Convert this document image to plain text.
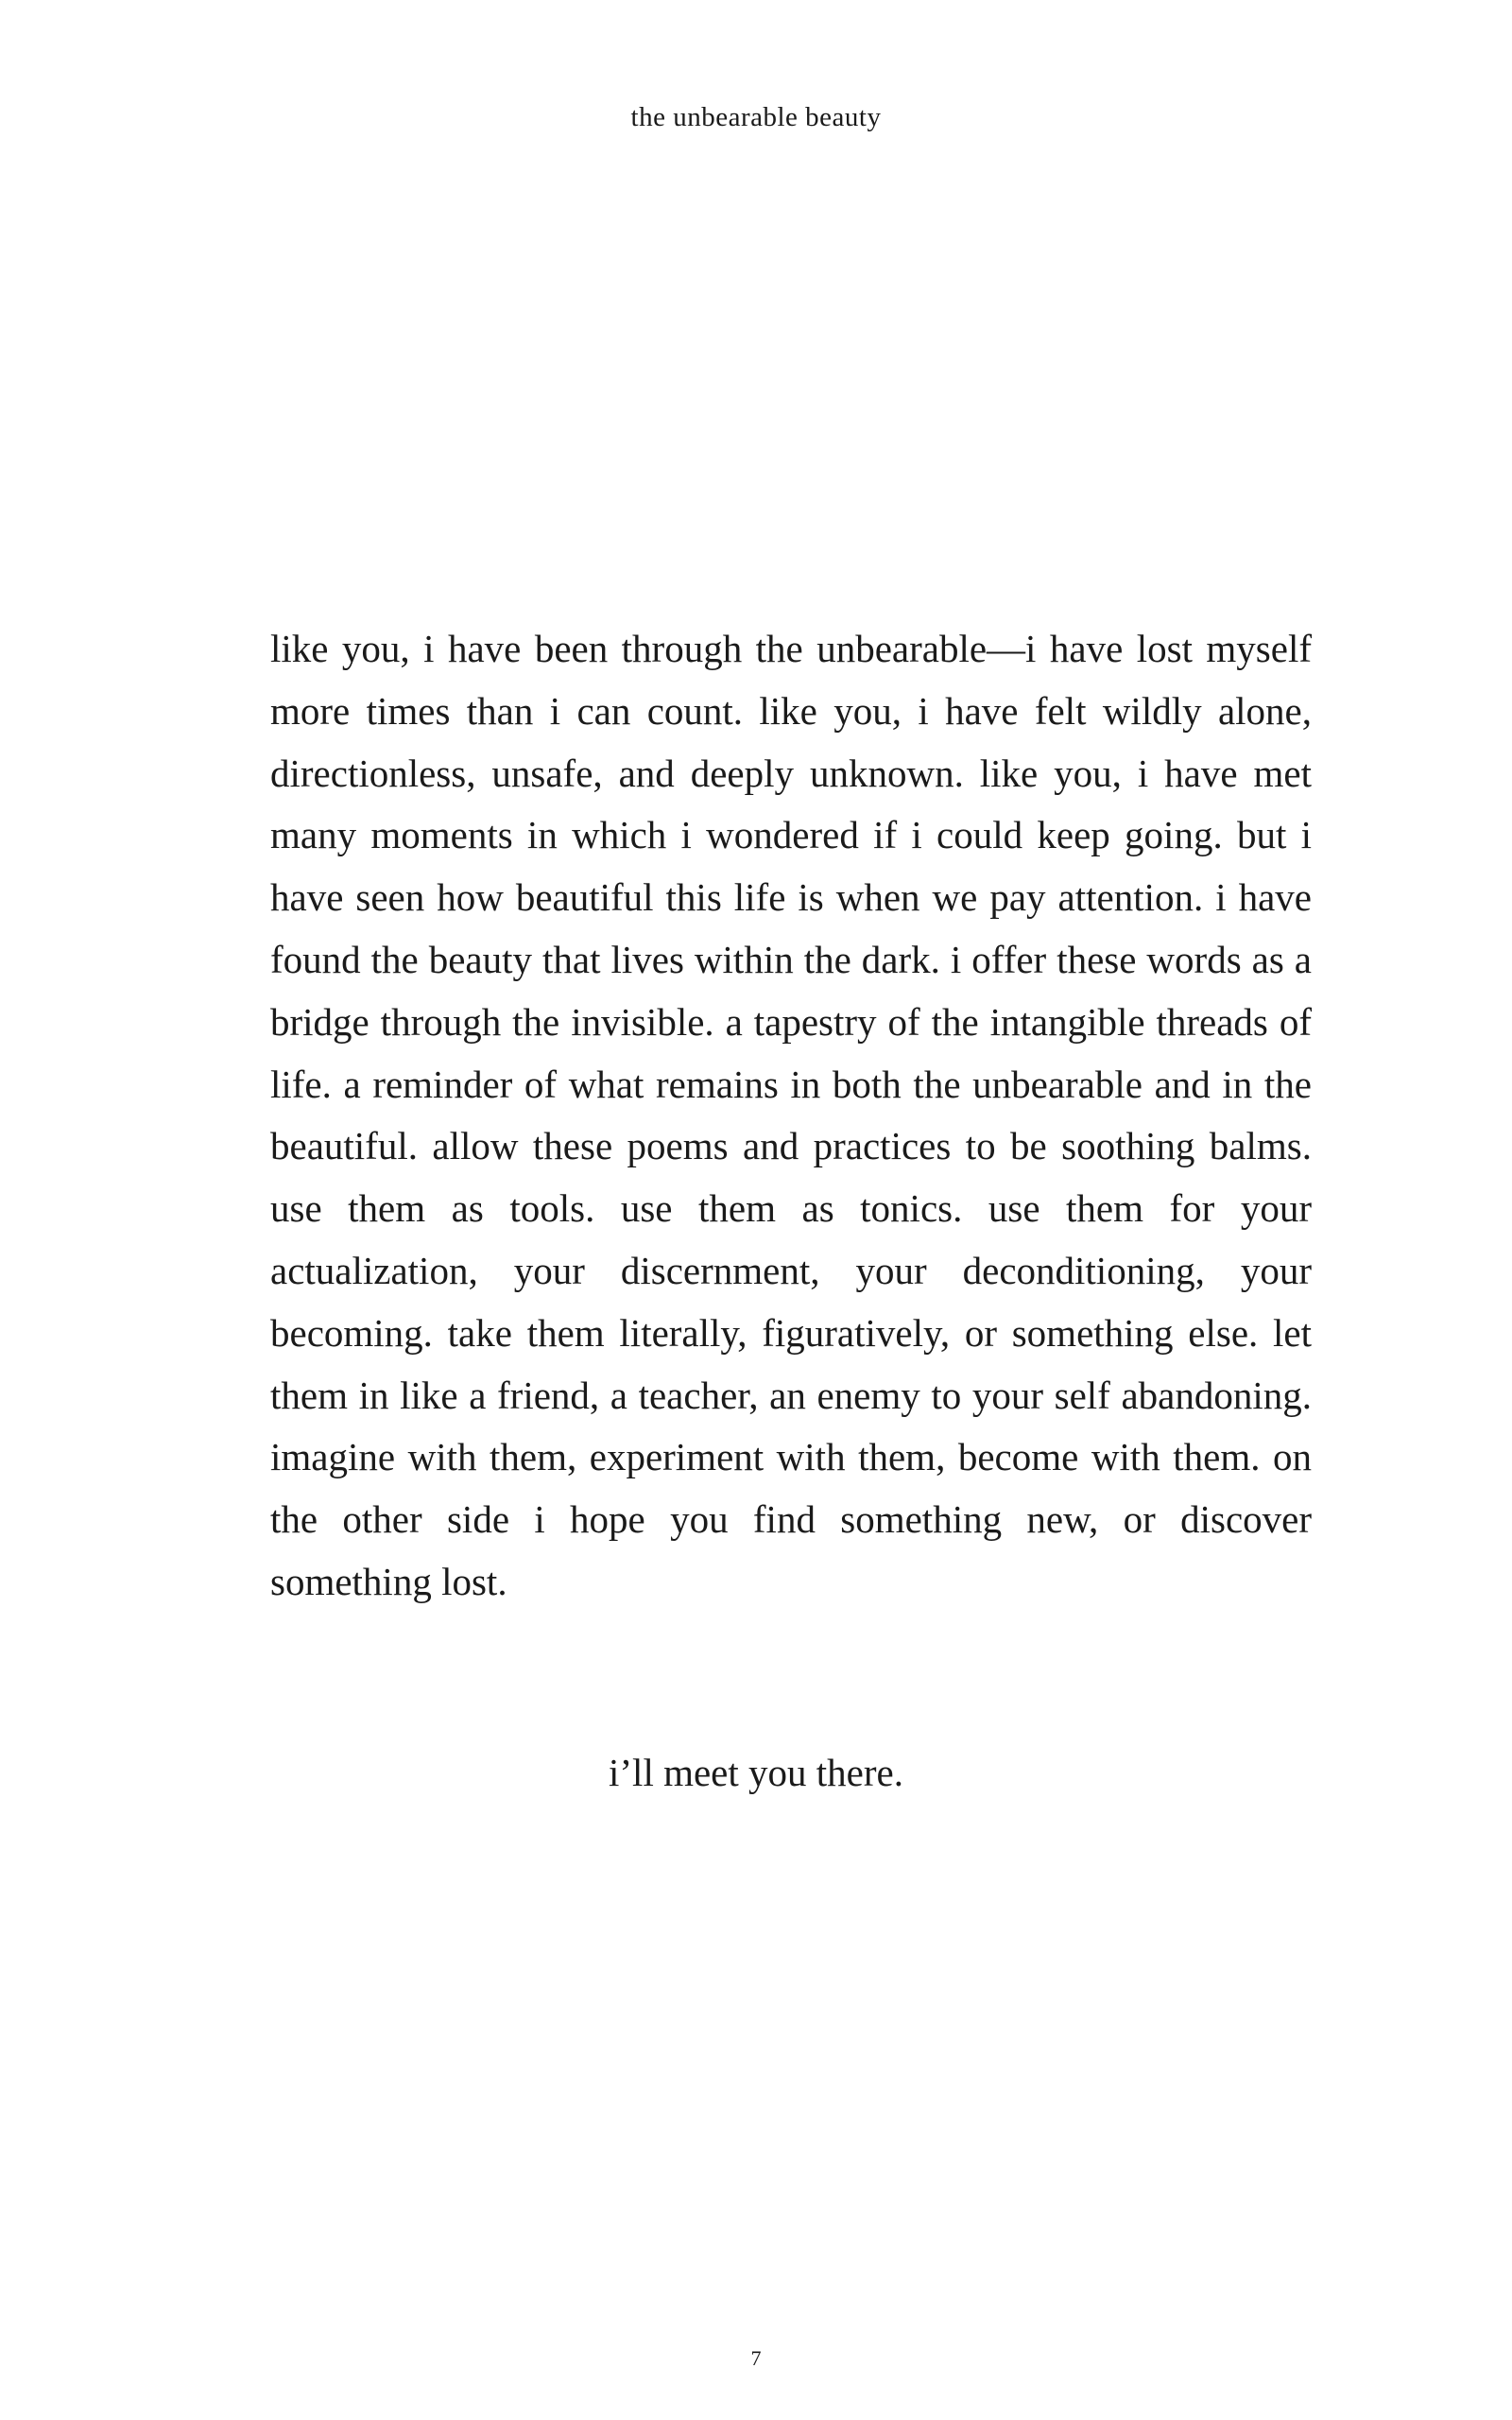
the unbearable beauty

like you, i have been through the unbearable—i have lost myself more times than i can count. like you, i have felt wildly alone, directionless, unsafe, and deeply unknown. like you, i have met many moments in which i wondered if i could keep going. but i have seen how beautiful this life is when we pay attention. i have found the beauty that lives within the dark. i offer these words as a bridge through the invisible. a tapestry of the intangible threads of life. a reminder of what remains in both the unbearable and in the beautiful. allow these poems and practices to be soothing balms. use them as tools. use them as tonics. use them for your actualization, your discernment, your deconditioning, your becoming. take them literally, figuratively, or something else. let them in like a friend, a teacher, an enemy to your self abandoning. imagine with them, experiment with them, become with them. on the other side i hope you find something new, or discover something lost.

i’ll meet you there.

7
